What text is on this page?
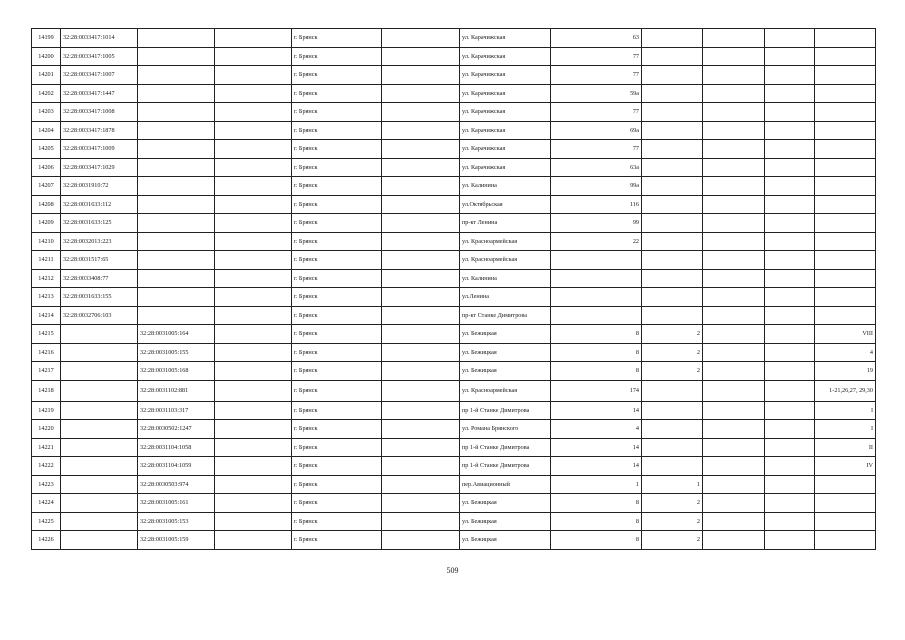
14199	32:28:0033417:1014			г. Брянск		ул. Карачижская	63				
14200	32:28:0033417:1005			г. Брянск		ул. Карачижская	77				
14201	32:28:0033417:1007			г. Брянск		ул. Карачижская	77				
14202	32:28:0033417:1447			г. Брянск		ул. Карачижская	59а				
14203	32:28:0033417:1008			г. Брянск		ул. Карачижская	77				
14204	32:28:0033417:1878			г. Брянск		ул. Карачижская	69а				
14205	32:28:0033417:1009			г. Брянск		ул. Карачижская	77				
14206	32:28:0033417:1029			г. Брянск		ул. Карачижская	63а				
14207	32:28:0031910:72			г. Брянск		ул. Калинина	99а				
14208	32:28:0031633:112			г. Брянск		ул.Октябрьская	116				
14209	32:28:0031633:125			г. Брянск		пр-кт Ленина	99				
14210	32:28:0032013:223			г. Брянск		ул. Красноармейская	22				
14211	32:28:0031517:65			г. Брянск		ул. Красноармейская					
14212	32:28:0033408:77			г. Брянск		ул. Калинина					
14213	32:28:0031633:155			г. Брянск		ул.Ленина					
14214	32:28:0032706:103			г. Брянск		пр-кт Станке Димитрова					
14215		32:28:0031005:164		г. Брянск		ул. Бежицкая	8	2			VIII
14216		32:28:0031005:155		г. Брянск		ул. Бежицкая	8	2			4
14217		32:28:0031005:168		г. Брянск		ул. Бежицкая	8	2			19
14218		32:28:0031102:881		г. Брянск		ул. Красноармейская	174				1-21,26,27, 29,30
14219		32:28:0031103:317		г. Брянск		пр 1-й Станке Димитрова	14				I
14220		32:28:0030502:1247		г. Брянск		ул. Романа Брянского	4				I
14221		32:28:0031104:1058		г. Брянск		пр 1-й Станке Димитрова	14				II
14222		32:28:0031104:1059		г. Брянск		пр 1-й Станке Димитрова	14				IV
14223		32:28:0030503:974		г. Брянск		пер.Авиационный	1	1			
14224		32:28:0031005:161		г. Брянск		ул. Бежицкая	8	2			
14225		32:28:0031005:153		г. Брянск		ул. Бежицкая	8	2			
14226		32:28:0031005:159		г. Брянск		ул. Бежицкая	8	2			
509
